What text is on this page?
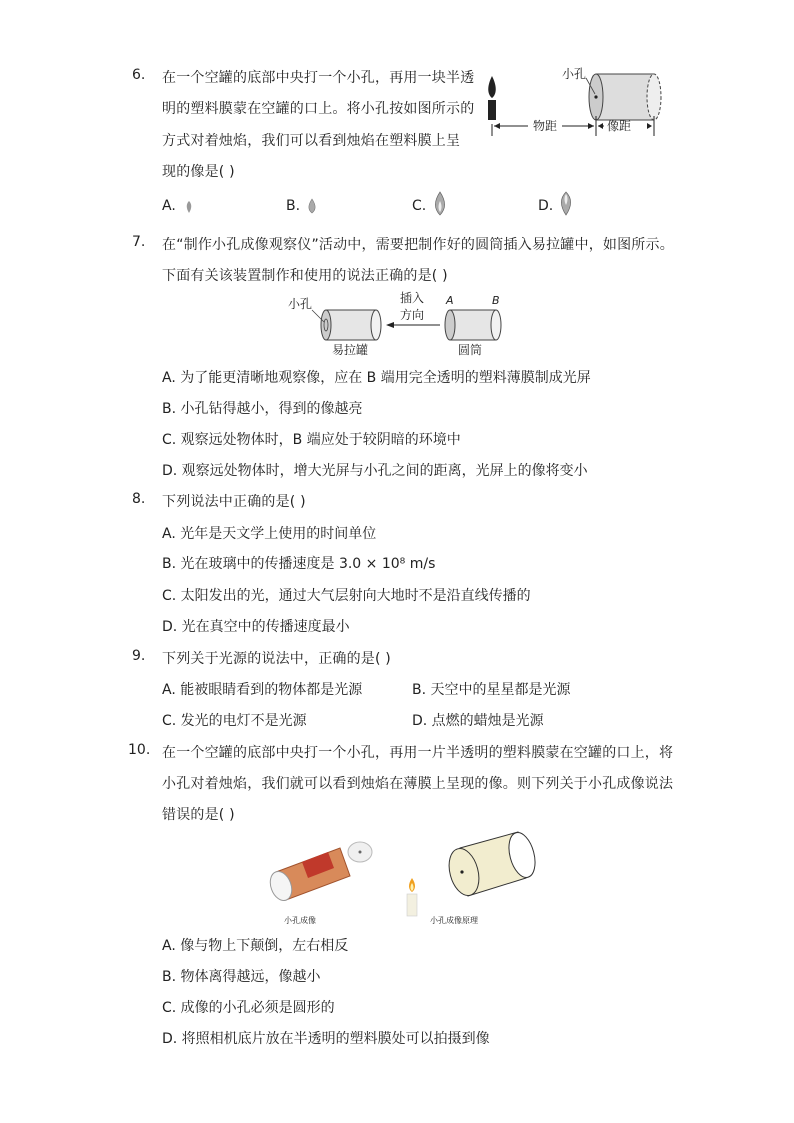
6. 在一个空罐的底部中央打一个小孔，再用一块半透
明的塑料膜蒙在空罐的口上。将小孔按如图所示的
方式对着烛焰，我们可以看到烛焰在塑料膜上呈
现的像是( )
小孔
物距	像距
A.	B.	C.	D.
7. 在“制作小孔成像观察仪”活动中，需要把制作好的圆筒插入易拉罐中，如图所示。
下面有关该装置制作和使用的说法正确的是( )
小孔
易拉罐
插入
方向
A	B
圆筒
A. 为了能更清晰地观察像，应在 B 端用完全透明的塑料薄膜制成光屏
B. 小孔钻得越小，得到的像越亮
C. 观察远处物体时，B 端应处于较阴暗的环境中
D. 观察远处物体时，增大光屏与小孔之间的距离，光屏上的像将变小
8. 下列说法中正确的是( )
A. 光年是天文学上使用的时间单位
B. 光在玻璃中的传播速度是 3.0 × 10⁸ m/s
C. 太阳发出的光，通过大气层射向大地时不是沿直线传播的
D. 光在真空中的传播速度最小
9. 下列关于光源的说法中，正确的是( )
A. 能被眼睛看到的物体都是光源	B. 天空中的星星都是光源
C. 发光的电灯不是光源	D. 点燃的蜡烛是光源
10. 在一个空罐的底部中央打一个小孔，再用一片半透明的塑料膜蒙在空罐的口上，将
小孔对着烛焰，我们就可以看到烛焰在薄膜上呈现的像。则下列关于小孔成像说法
错误的是( )
小孔成像	小孔成像原理
A. 像与物上下颠倒，左右相反
B. 物体离得越远，像越小
C. 成像的小孔必须是圆形的
D. 将照相机底片放在半透明的塑料膜处可以拍摄到像
